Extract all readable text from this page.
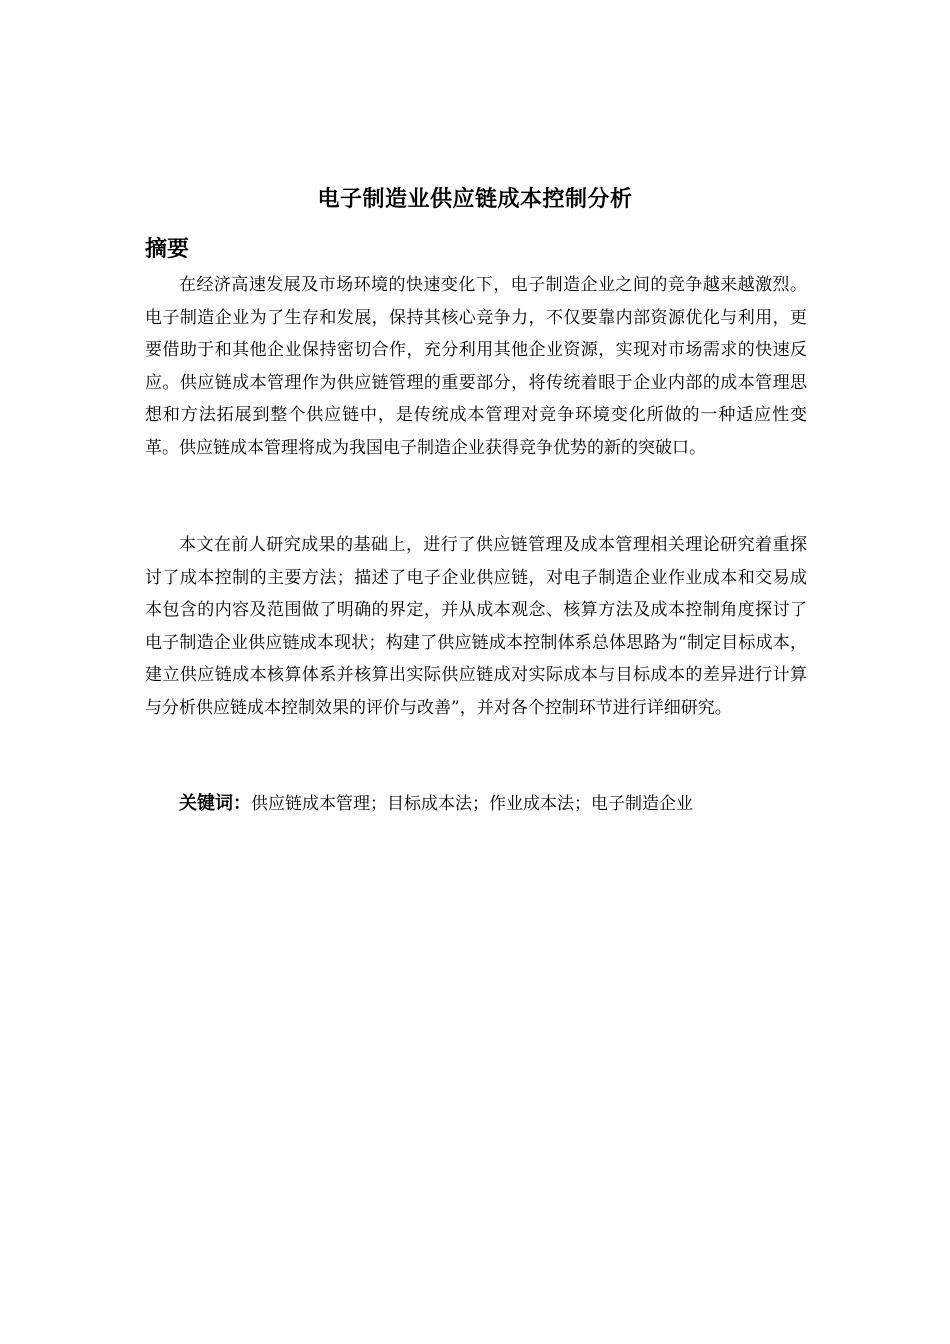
电子制造业供应链成本控制分析
摘要

在经济高速发展及市场环境的快速变化下，电子制造企业之间的竞争越来越激烈。电子制造企业为了生存和发展，保持其核心竞争力，不仅要靠内部资源优化与利用，更要借助于和其他企业保持密切合作，充分利用其他企业资源，实现对市场需求的快速反应。供应链成本管理作为供应链管理的重要部分，将传统着眼于企业内部的成本管理思想和方法拓展到整个供应链中，是传统成本管理对竞争环境变化所做的一种适应性变革。供应链成本管理将成为我国电子制造企业获得竞争优势的新的突破口。

本文在前人研究成果的基础上，进行了供应链管理及成本管理相关理论研究着重探讨了成本控制的主要方法；描述了电子企业供应链，对电子制造企业作业成本和交易成本包含的内容及范围做了明确的界定，并从成本观念、核算方法及成本控制角度探讨了电子制造企业供应链成本现状；构建了供应链成本控制体系总体思路为“制定目标成本，建立供应链成本核算体系并核算出实际供应链成对实际成本与目标成本的差异进行计算与分析供应链成本控制效果的评价与改善”，并对各个控制环节进行详细研究。

关键词：供应链成本管理；目标成本法；作业成本法；电子制造企业
